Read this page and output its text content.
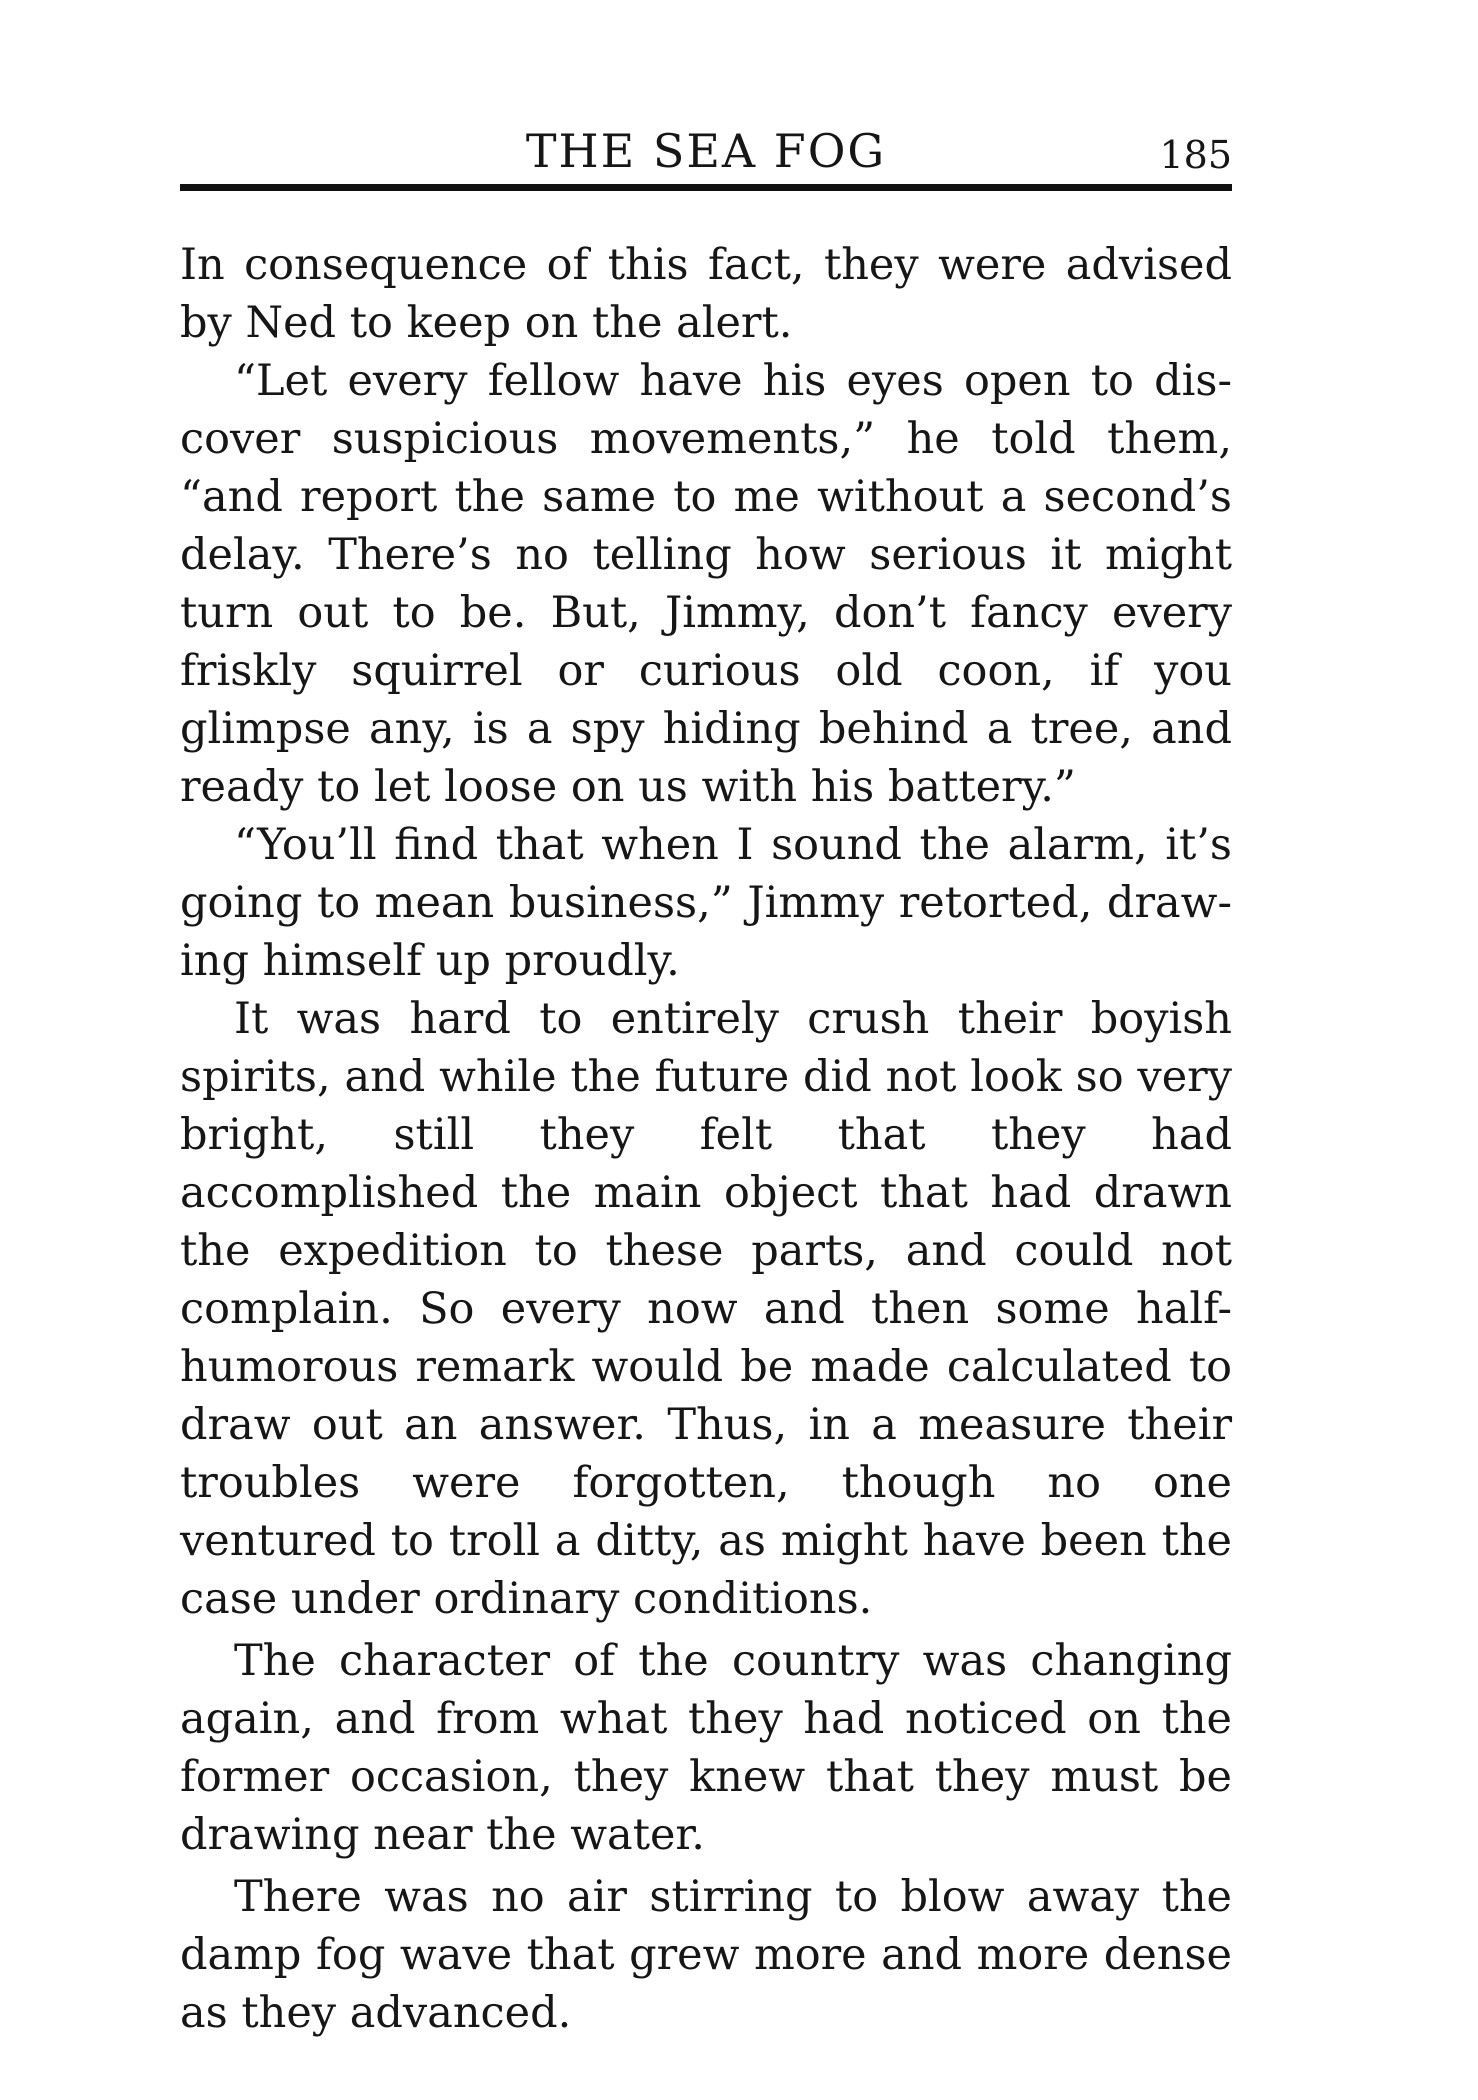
THE SEA FOG	185

In consequence of this fact, they were advised by Ned to keep on the alert.

“Let every fellow have his eyes open to dis-cover suspicious movements,” he told them, “and report the same to me without a second’s delay. There’s no telling how serious it might turn out to be. But, Jimmy, don’t fancy every friskly squirrel or curious old coon, if you glimpse any, is a spy hiding behind a tree, and ready to let loose on us with his battery.”

“You’ll find that when I sound the alarm, it’s going to mean business,” Jimmy retorted, draw-ing himself up proudly.

It was hard to entirely crush their boyish spirits, and while the future did not look so very bright, still they felt that they had accomplished the main object that had drawn the expedition to these parts, and could not complain. So every now and then some half-humorous remark would be made calculated to draw out an answer. Thus, in a measure their troubles were forgotten, though no one ventured to troll a ditty, as might have been the case under ordinary conditions.

The character of the country was changing again, and from what they had noticed on the former occasion, they knew that they must be drawing near the water.

There was no air stirring to blow away the damp fog wave that grew more and more dense as they advanced.
